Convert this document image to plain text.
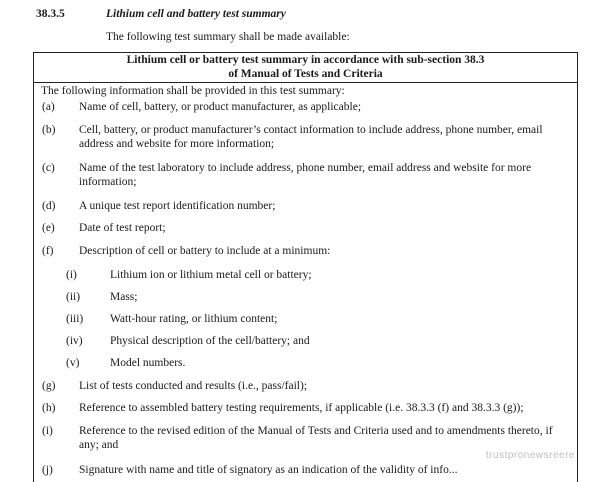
38.3.5	Lithium cell and battery test summary
The following test summary shall be made available:
Lithium cell or battery test summary in accordance with sub-section 38.3
of Manual of Tests and Criteria
The following information shall be provided in this test summary:
(a) Name of cell, battery, or product manufacturer, as applicable;
(b) Cell, battery, or product manufacturer’s contact information to include address, phone number, email address and website for more information;
(c) Name of the test laboratory to include address, phone number, email address and website for more information;
(d) A unique test report identification number;
(e) Date of test report;
(f) Description of cell or battery to include at a minimum:
(i)	Lithium ion or lithium metal cell or battery;
(ii)	Mass;
(iii) Watt-hour rating, or lithium content;
(iv) Physical description of the cell/battery; and
(v)	Model numbers.
(g) List of tests conducted and results (i.e., pass/fail);
(h) Reference to assembled battery testing requirements, if applicable (i.e. 38.3.3 (f) and 38.3.3 (g));
(i) Reference to the revised edition of the Manual of Tests and Criteria used and to amendments thereto, if any; and
(j) Signature with name and title of signatory as an indication of the validity of info...
trustpronewsreere
